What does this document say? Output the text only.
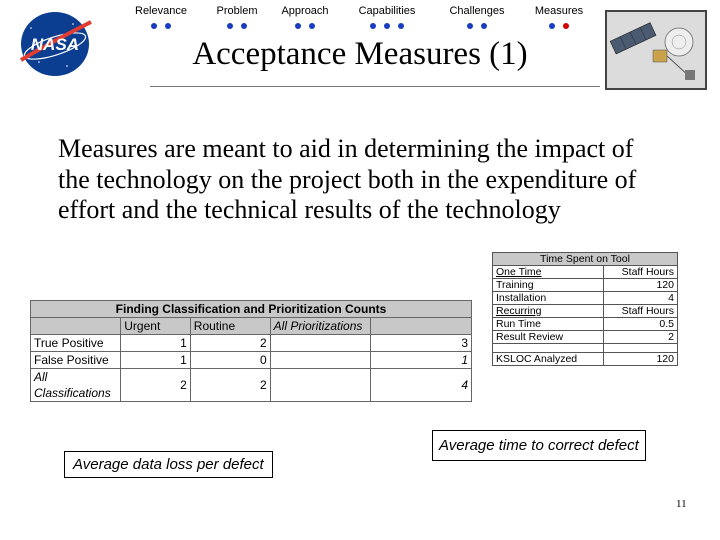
Relevance	Problem	Approach	Capabilities	Challenges	Measures
NASA	Acceptance Measures (1)
Measures are meant to aid in determining the impact of the technology on the project both in the expenditure of effort and the technical results of the technology
Time Spent on Tool	
One Time	Staff Hours
Training	120
Installation	4
Recurring	Staff Hours
Run Time	0.5
Result Review	2

KSLOC Analyzed	120
Finding Classification and Prioritization Counts				
	Urgent	Routine	All Prioritizations	
True Positive	1	2		3
False Positive	1	0		1
All Classifications	2	2		4
Average data loss per defect
Average time to correct defect
11
